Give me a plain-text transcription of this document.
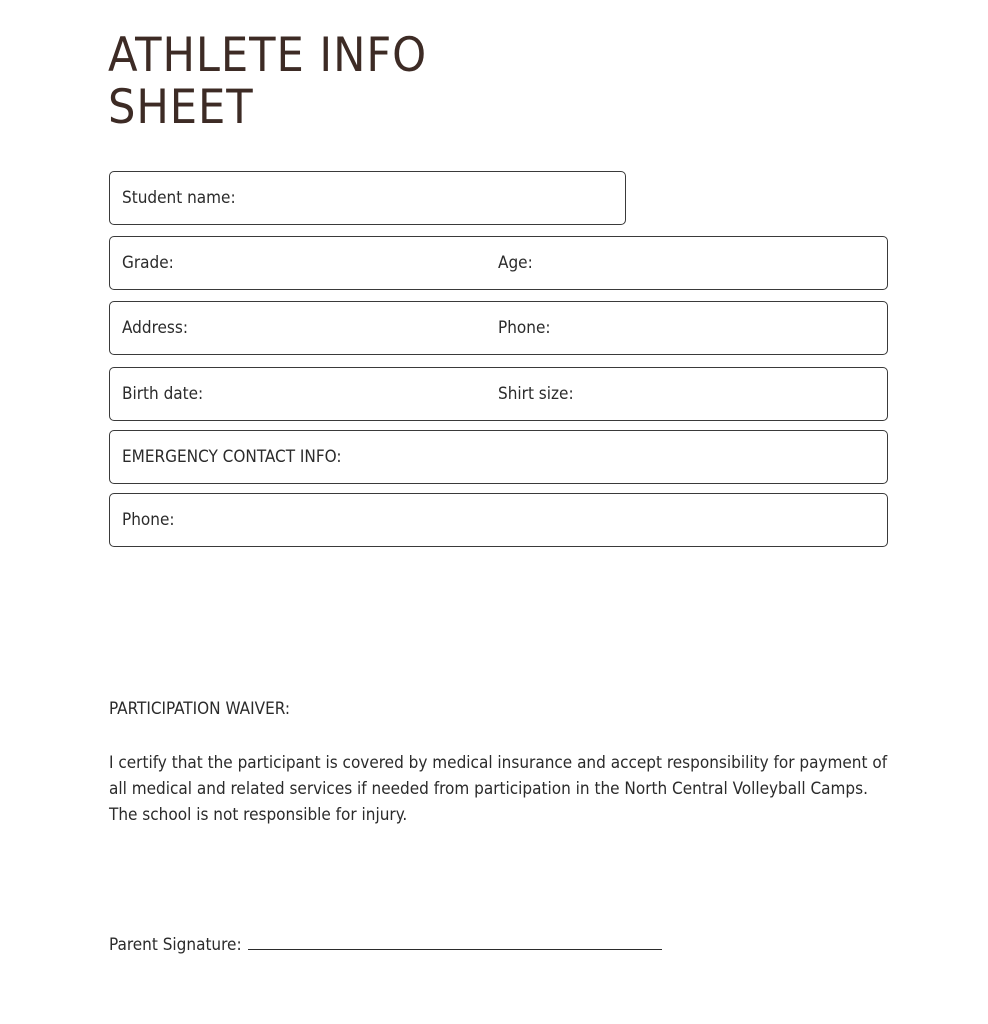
ATHLETE INFO
SHEET
Student name:
Grade:	Age:
Address:	Phone:
Birth date:	Shirt size:
EMERGENCY CONTACT INFO:
Phone:
PARTICIPATION WAIVER:

I certify that the participant is covered by medical insurance and accept responsibility for payment of all medical and related services if needed from participation in the North Central Volleyball Camps. The school is not responsible for injury.

Parent Signature:
